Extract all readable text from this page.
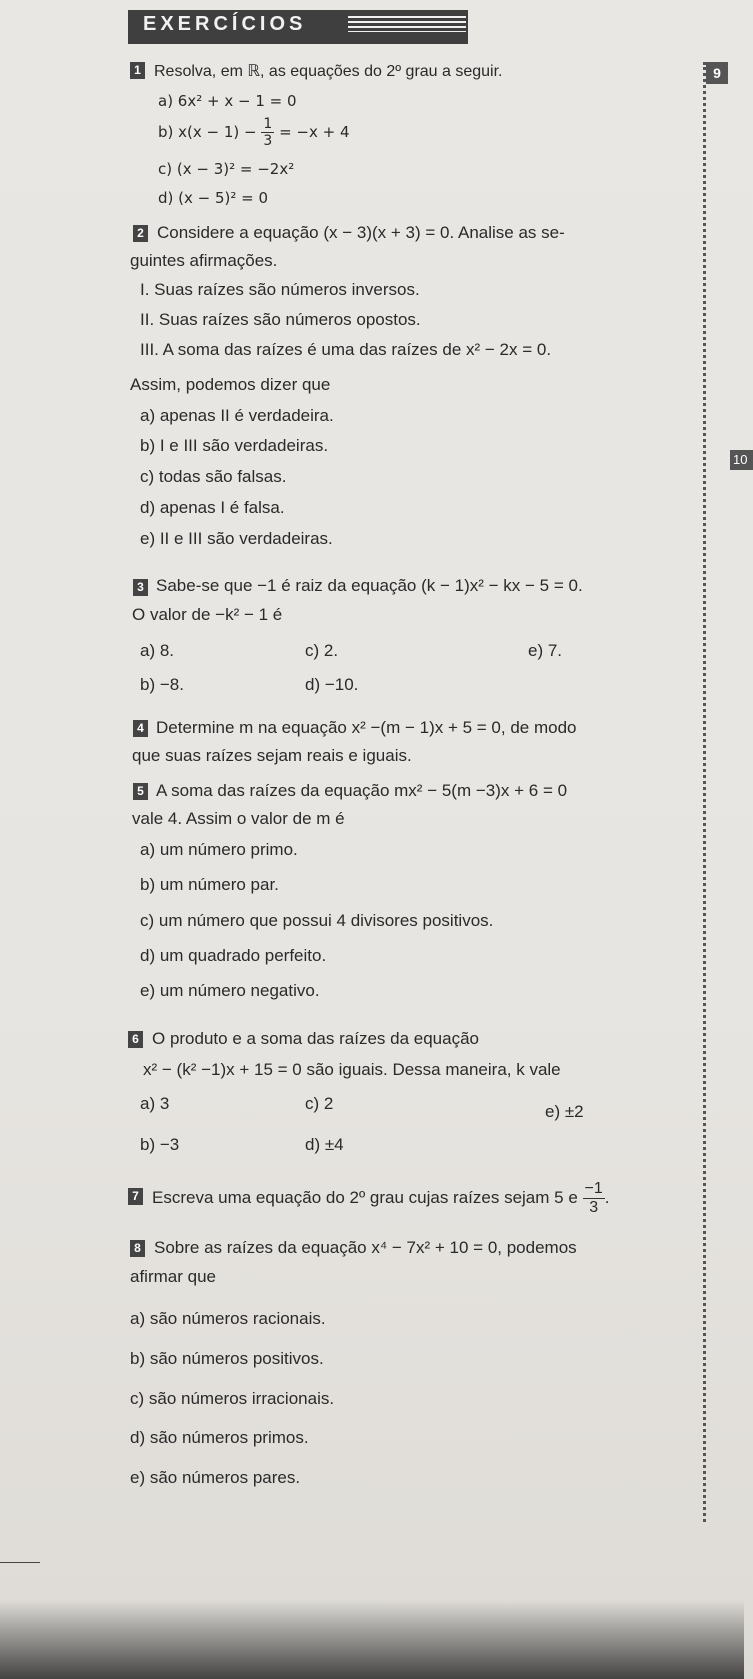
EXERCÍCIOS
9
10
1 Resolva, em ℝ, as equações do 2º grau a seguir.
a) 6x² + x − 1 = 0
b) $x(x - 1) - \frac{1}{3} = -x + 4$
c) (x − 3)² = −2x²
d) (x − 5)² = 0
2 Considere a equação (x − 3)(x + 3) = 0. Analise as se-
guintes afirmações.
I. Suas raízes são números inversos.
II. Suas raízes são números opostos.
III. A soma das raízes é uma das raízes de x² − 2x = 0.
Assim, podemos dizer que
a) apenas II é verdadeira.
b) I e III são verdadeiras.
c) todas são falsas.
d) apenas I é falsa.
e) II e III são verdadeiras.
3 Sabe-se que −1 é raiz da equação (k − 1)x² − kx − 5 = 0.
O valor de −k² − 1 é
a) 8.	c) 2.	e) 7.
b) −8.	d) −10.
4 Determine m na equação x² −(m − 1)x + 5 = 0, de modo
que suas raízes sejam reais e iguais.
5 A soma das raízes da equação mx² − 5(m −3)x + 6 = 0
vale 4. Assim o valor de m é
a) um número primo.
b) um número par.
c) um número que possui 4 divisores positivos.
d) um quadrado perfeito.
e) um número negativo.
6 O produto e a soma das raízes da equação
x² − (k² −1)x + 15 = 0 são iguais. Dessa maneira, k vale
a) 3	c) 2	e) ±2
b) −3	d) ±4
7 Escreva uma equação do 2º grau cujas raízes sejam 5 e $\frac{-1}{3}$ .
8 Sobre as raízes da equação x⁴ − 7x² + 10 = 0, podemos
afirmar que
a) são números racionais.
b) são números positivos.
c) são números irracionais.
d) são números primos.
e) são números pares.
